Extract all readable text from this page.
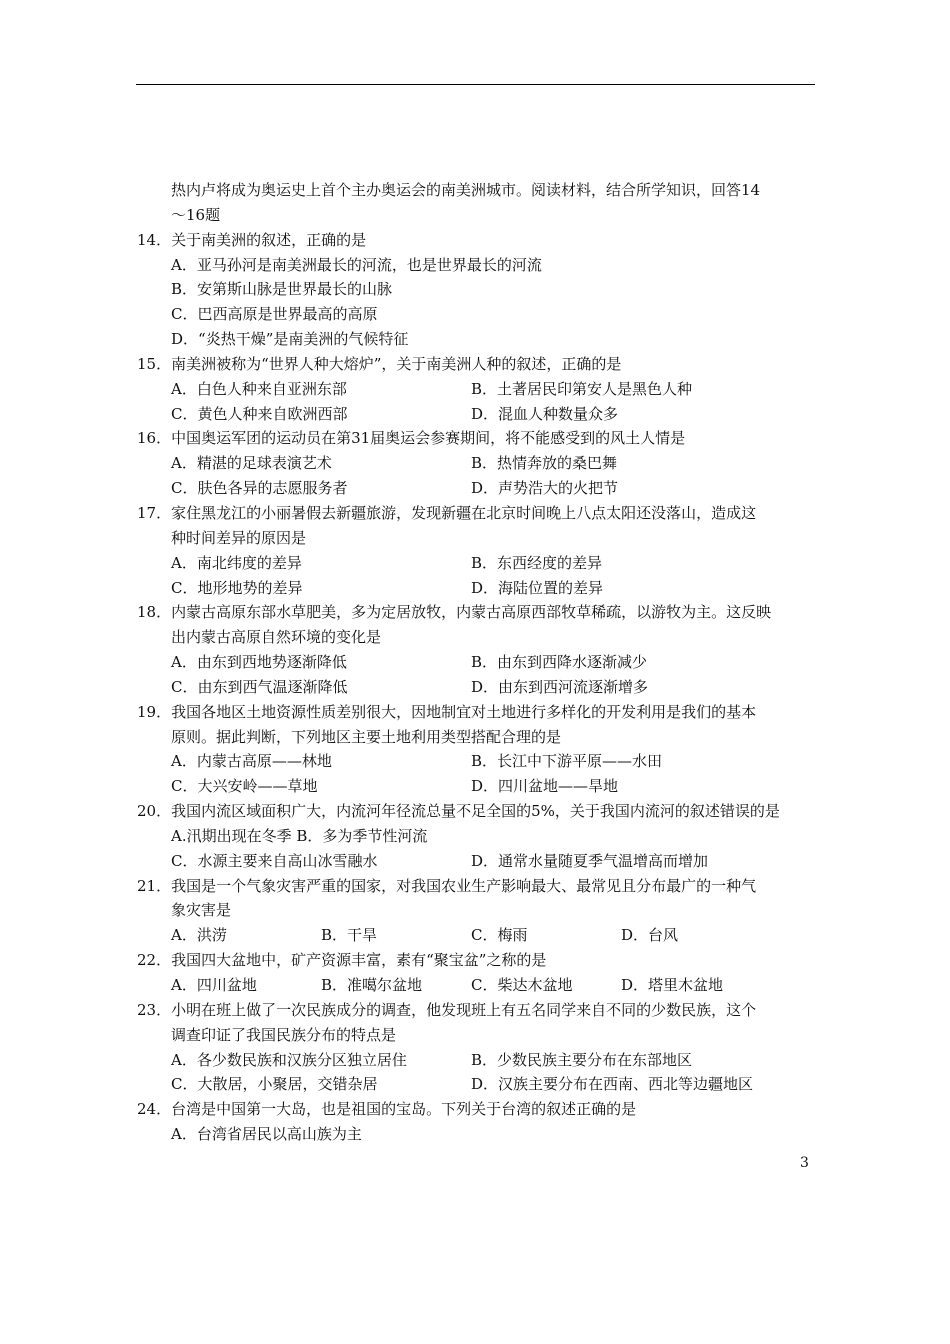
热内卢将成为奥运史上首个主办奥运会的南美洲城市。阅读材料，结合所学知识，回答14
～16题
14．关于南美洲的叙述，正确的是
A．亚马孙河是南美洲最长的河流，也是世界最长的河流
B．安第斯山脉是世界最长的山脉
C．巴西高原是世界最高的高原
D．“炎热干燥”是南美洲的气候特征
15．南美洲被称为“世界人种大熔炉”，关于南美洲人种的叙述，正确的是
A．白色人种来自亚洲东部	B．土著居民印第安人是黑色人种
C．黄色人种来自欧洲西部	D．混血人种数量众多
16．中国奥运军团的运动员在第31届奥运会参赛期间，将不能感受到的风土人情是
A．精湛的足球表演艺术	B．热情奔放的桑巴舞
C．肤色各异的志愿服务者	D．声势浩大的火把节
17．家住黑龙江的小丽暑假去新疆旅游，发现新疆在北京时间晚上八点太阳还没落山，造成这
种时间差异的原因是
A．南北纬度的差异	B．东西经度的差异
C．地形地势的差异	D．海陆位置的差异
18．内蒙古高原东部水草肥美，多为定居放牧，内蒙古高原西部牧草稀疏，以游牧为主。这反映
出内蒙古高原自然环境的变化是
A．由东到西地势逐渐降低	B．由东到西降水逐渐减少
C．由东到西气温逐渐降低	D．由东到西河流逐渐增多
19．我国各地区土地资源性质差别很大，因地制宜对土地进行多样化的开发利用是我们的基本
原则。据此判断，下列地区主要土地利用类型搭配合理的是
A．内蒙古高原——林地	B．长江中下游平原——水田
C．大兴安岭——草地	D．四川盆地——旱地
20．我国内流区域面积广大，内流河年径流总量不足全国的5%，关于我国内流河的叙述错误的是
A.汛期出现在冬季 B．多为季节性河流
C．水源主要来自高山冰雪融水	D．通常水量随夏季气温增高而增加
21．我国是一个气象灾害严重的国家，对我国农业生产影响最大、最常见且分布最广的一种气
象灾害是
A．洪涝	B．干旱	C．梅雨	D．台风
22．我国四大盆地中，矿产资源丰富，素有“聚宝盆”之称的是
A．四川盆地	B．准噶尔盆地	C．柴达木盆地	D．塔里木盆地
23．小明在班上做了一次民族成分的调查，他发现班上有五名同学来自不同的少数民族，这个
调查印证了我国民族分布的特点是
A．各少数民族和汉族分区独立居住	B．少数民族主要分布在东部地区
C．大散居，小聚居，交错杂居	D．汉族主要分布在西南、西北等边疆地区
24．台湾是中国第一大岛，也是祖国的宝岛。下列关于台湾的叙述正确的是
A．台湾省居民以高山族为主
3
